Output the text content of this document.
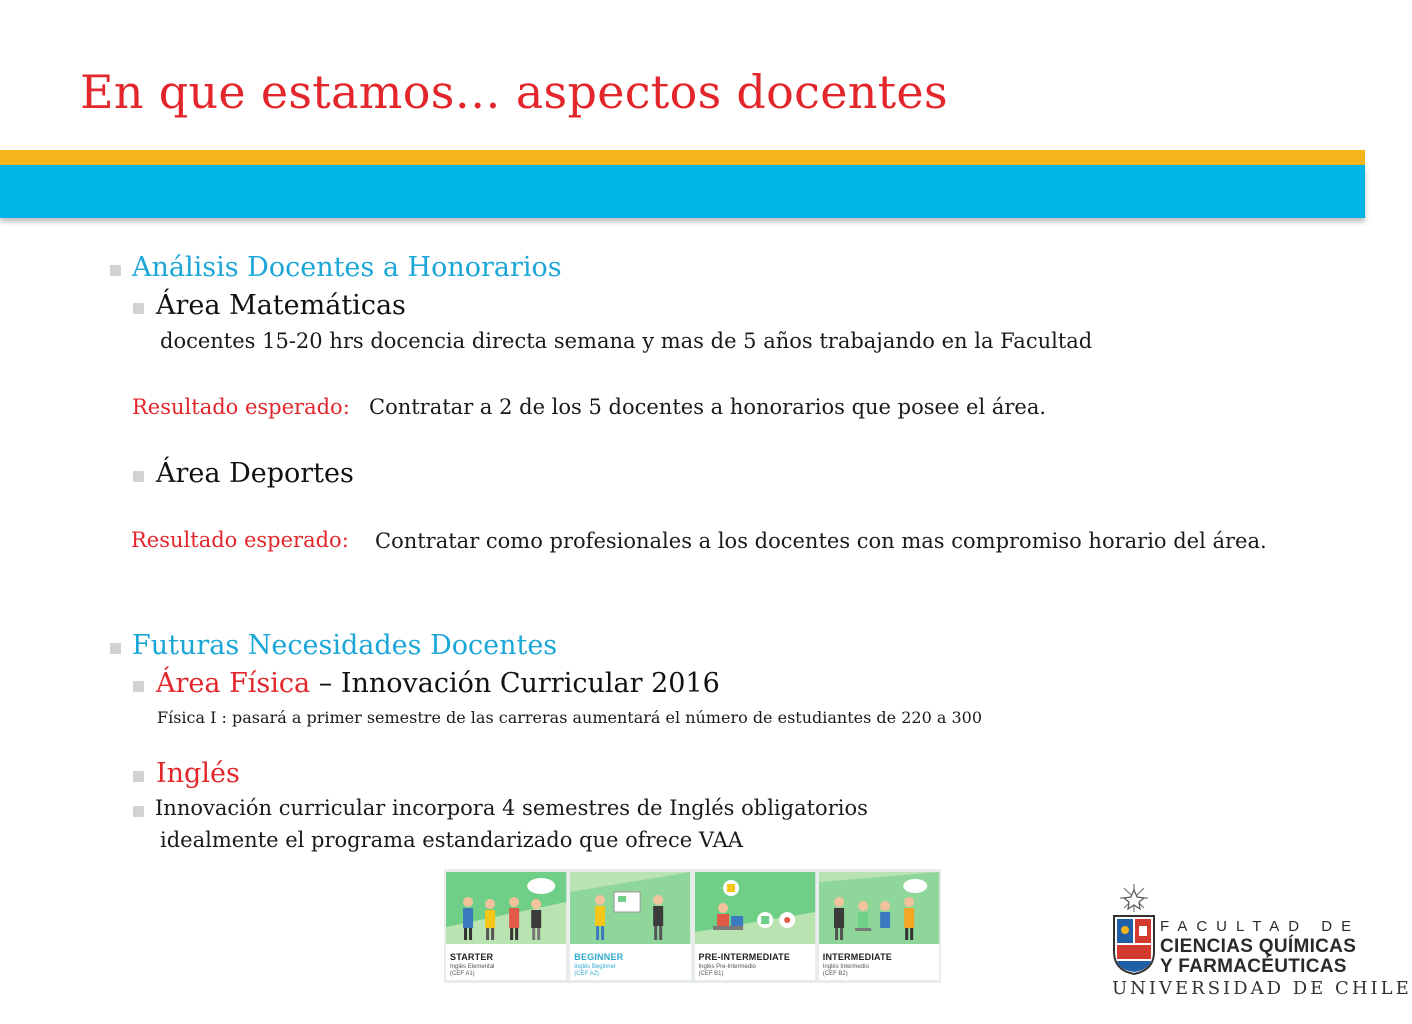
En que estamos… aspectos docentes
Análisis Docentes a Honorarios
Área Matemáticas
docentes 15-20 hrs docencia directa semana y mas de 5 años trabajando en la Facultad
Resultado esperado: Contratar a 2 de los 5 docentes a honorarios que posee el área.
Área Deportes
Resultado esperado: Contratar como profesionales a los docentes con mas compromiso horario del área.
Futuras Necesidades Docentes
Área Física – Innovación Curricular 2016
Física I : pasará a primer semestre de las carreras aumentará el número de estudiantes de 220 a 300
Inglés
Innovación curricular incorpora 4 semestres de Inglés obligatorios
idealmente el programa estandarizado que ofrece VAA
STARTER
Inglés Elemental
(CEF A1)
BEGINNER
Inglés Beginner
(CEF A2)
PRE-INTERMEDIATE
Inglés Pre-Intermedio
(CEF B1)
INTERMEDIATE
Inglés Intermedio
(CEF B2)
FACULTAD DE
CIENCIAS QUÍMICAS
Y FARMACÉUTICAS
UNIVERSIDAD DE CHILE
